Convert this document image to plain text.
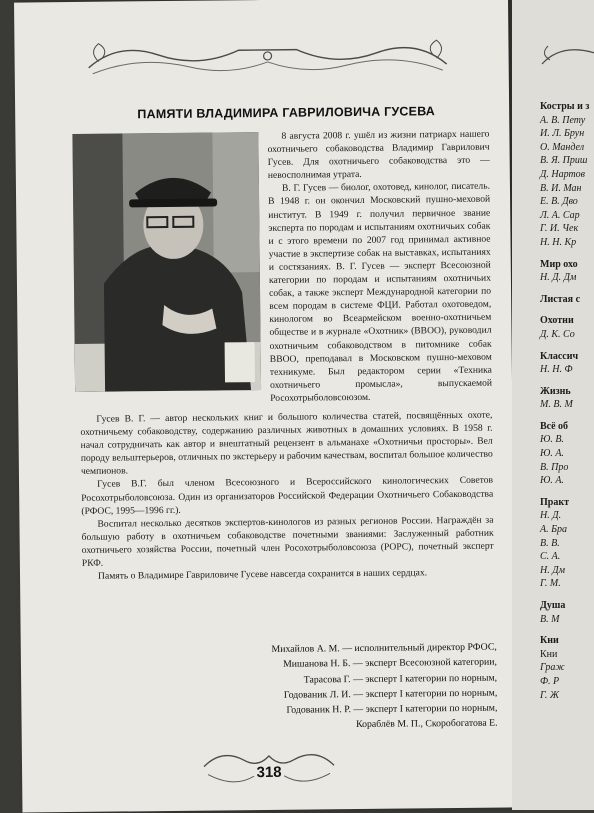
ПАМЯТИ ВЛАДИМИРА ГАВРИЛОВИЧА ГУСЕВА

8 августа 2008 г. ушёл из жизни патриарх нашего охотничьего собаководства Владимир Гаврилович Гусев. Для охотничьего собаководства это — невосполнимая утрата.

В. Г. Гусев — биолог, охотовед, кинолог, писатель. В 1948 г. он окончил Московский пушно-меховой институт. В 1949 г. получил первичное звание эксперта по породам и испытаниям охотничьих собак и с этого времени по 2007 год принимал активное участие в экспертизе собак на выставках, испытаниях и состязаниях. В. Г. Гусев — эксперт Всесоюзной категории по породам и испытаниям охотничьих собак, а также эксперт Международной категории по всем породам в системе ФЦИ. Работал охотоведом, кинологом во Всеармейском военно-охотничьем обществе и в журнале «Охотник» (ВВОО), руководил охотничьим собаководством в питомнике собак ВВОО, преподавал в Московском пушно-меховом техникуме. Был редактором серии «Техника охотничьего промысла», выпускаемой Росохотрыболовсоюзом.

Гусев В. Г. — автор нескольких книг и большого количества статей, посвящённых охоте, охотничьему собаководству, содержанию различных животных в домашних условиях. В 1958 г. начал сотрудничать как автор и внештатный рецензент в альманахе «Охотничьи просторы». Вел породу вельштерьеров, отличных по экстерьеру и рабочим качествам, воспитал большое количество чемпионов.

Гусев В.Г. был членом Всесоюзного и Всероссийского кинологических Советов Росохотрыболовсоюза. Один из организаторов Российской Федерации Охотничьего Собаководства (РФОС, 1995—1996 гг.).

Воспитал несколько десятков экспертов-кинологов из разных регионов России. Награждён за большую работу в охотничьем собаководстве почетными званиями: Заслуженный работник охотничьего хозяйства России, почетный член Росохотрыболовсоюза (РОРС), почетный эксперт РКФ.

Память о Владимире Гавриловиче Гусеве навсегда сохранится в наших сердцах.

Михайлов А. М. — исполнительный директор РФОС,
Мишанова Н. Б. — эксперт Всесоюзной категории,
Тарасова Г. — эксперт I категории по норным,
Годованик Л. И. — эксперт I категории по норным,
Годованик Н. Р. — эксперт I категории по норным,
Кораблёв М. П., Скоробогатова Е.
318
Костры и з
А. В. Пету
И. Л. Брун
О. Мандел
В. Я. Приш
Д. Нартов
В. И. Ман
Е. В. Дво
Л. А. Сар
Г. И. Чек
Н. Н. Кр
Мир охо
Н. Д. Дм
Листая с
Охотни
Д. К. Со
Классич
Н. Н. Ф
Жизнь
М. В. М
Всё об
Ю. В.
Ю. А.
В. Про
Ю. А.
Практ
Н. Д.
А. Бра
В. В.
С. А.
Н. Дм
Г. М.
Душа
В. М
Кни
Кни
Граж
Ф. Р
Г. Ж
